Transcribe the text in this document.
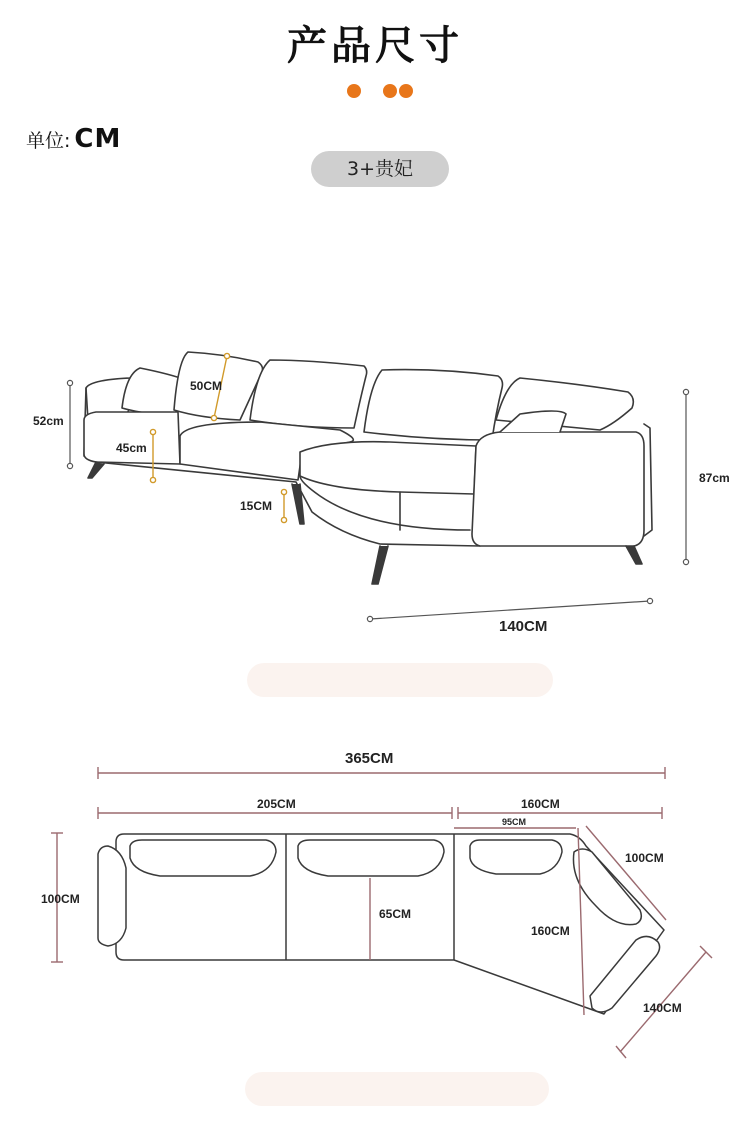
产品尺寸
单位: CM
3+贵妃
50CM
52cm
45cm
15CM
87cm
140CM
365CM
205CM	160CM
95CM
100CM
65CM
100CM
160CM
140CM
